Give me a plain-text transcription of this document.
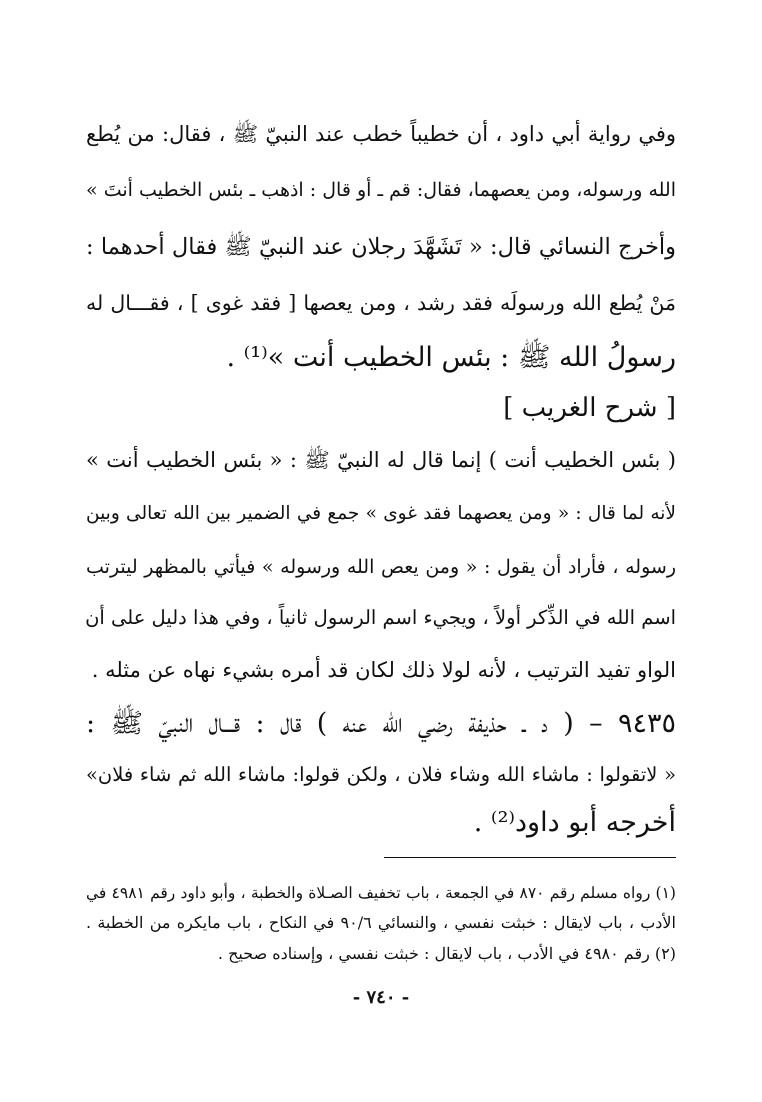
وفي رواية أبي داود ، أن خطيباً خطب عند النبيّ ﷺ ، فقال: من يُطع
الله ورسوله، ومن يعصهما، فقال: قم ـ أو قال : اذهب ـ بئس الخطيب أنتَ »
وأخرج النسائي قال: « تَشَهَّدَ رجلان عند النبيّ ﷺ فقال أحدهما :
مَنْ يُطع الله ورسولَه فقد رشد ، ومن يعصها [ فقد غوى ] ، فقـــال له
رسولُ الله ﷺ : بئس الخطيب أنت »⁽¹⁾ .
[ شرح الغريب ]
( بئس الخطيب أنت ) إنما قال له النبيّ ﷺ : « بئس الخطيب أنت »
لأنه لما قال : « ومن يعصهما فقد غوى » جمع في الضمير بين الله تعالى وبين
رسوله ، فأراد أن يقول : « ومن يعص الله ورسوله » فيأتي بالمظهر ليترتب
اسم الله في الذِّكر أولاً ، ويجيء اسم الرسول ثانياً ، وفي هذا دليل على أن
الواو تفيد الترتيب ، لأنه لولا ذلك لكان قد أمره بشيء نهاه عن مثله .
٩٤٣٥ – ( د ـ حذيفة رضي الله عنه ) قال : قـــال النبيّ ﷺ :
« لاتقولوا : ماشاء الله وشاء فلان ، ولكن قولوا: ماشاء الله ثم شاء فلان»
أخرجه أبو داود⁽²⁾ .
(١) رواه مسلم رقم ٨٧٠ في الجمعة ، باب تخفيف الصـلاة والخطبة ، وأبو داود رقم ٤٩٨١ في
الأدب ، باب لايقال : خبثت نفسي ، والنسائي ٩٠/٦ في النكاح ، باب مايكره من الخطبة .
(٢) رقم ٤٩٨٠ في الأدب ، باب لايقال : خبثت نفسي ، وإسناده صحيح .
- ٧٤٠ -
